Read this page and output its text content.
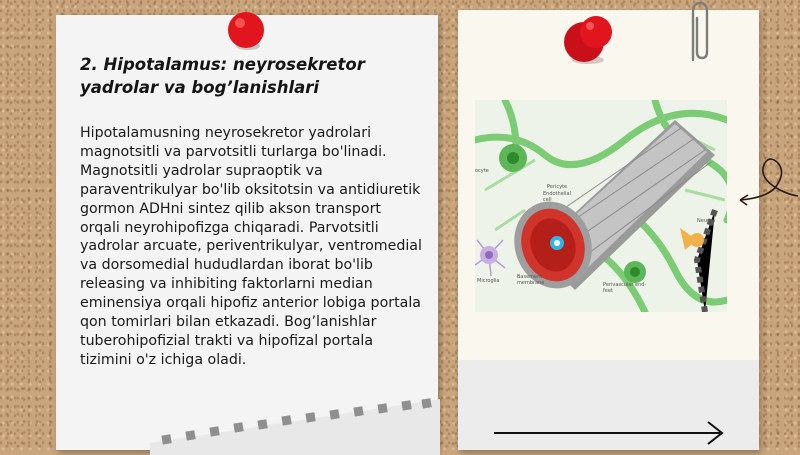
2. Hipotalamus: neyrosekretor yadrolar va bog’lanishlari

Hipotalamusning neyrosekretor yadrolari magnotsitli va parvotsitli turlarga bo'linadi. Magnotsitli yadrolar supraoptik va paraventrikulyar bo'lib oksitotsin va antidiuretik gormon ADHni sintez qilib akson transport orqali neyrohipofizga chiqaradi. Parvotsitli yadrolar arcuate, periventrikulyar, ventromedial va dorsomedial hududlardan iborat bo'lib releasing va inhibiting faktorlarni median eminensiya orqali hipofiz anterior lobiga portala qon tomirlari bilan etkazadi. Bog’lanishlar tuberohipofizial trakti va hipofizal portala tizimini o'z ichiga oladi.

ocyte
Pericyte
Endothelial cell
Neuron
Microglia
Basement membrane	Perivascular end-feet
